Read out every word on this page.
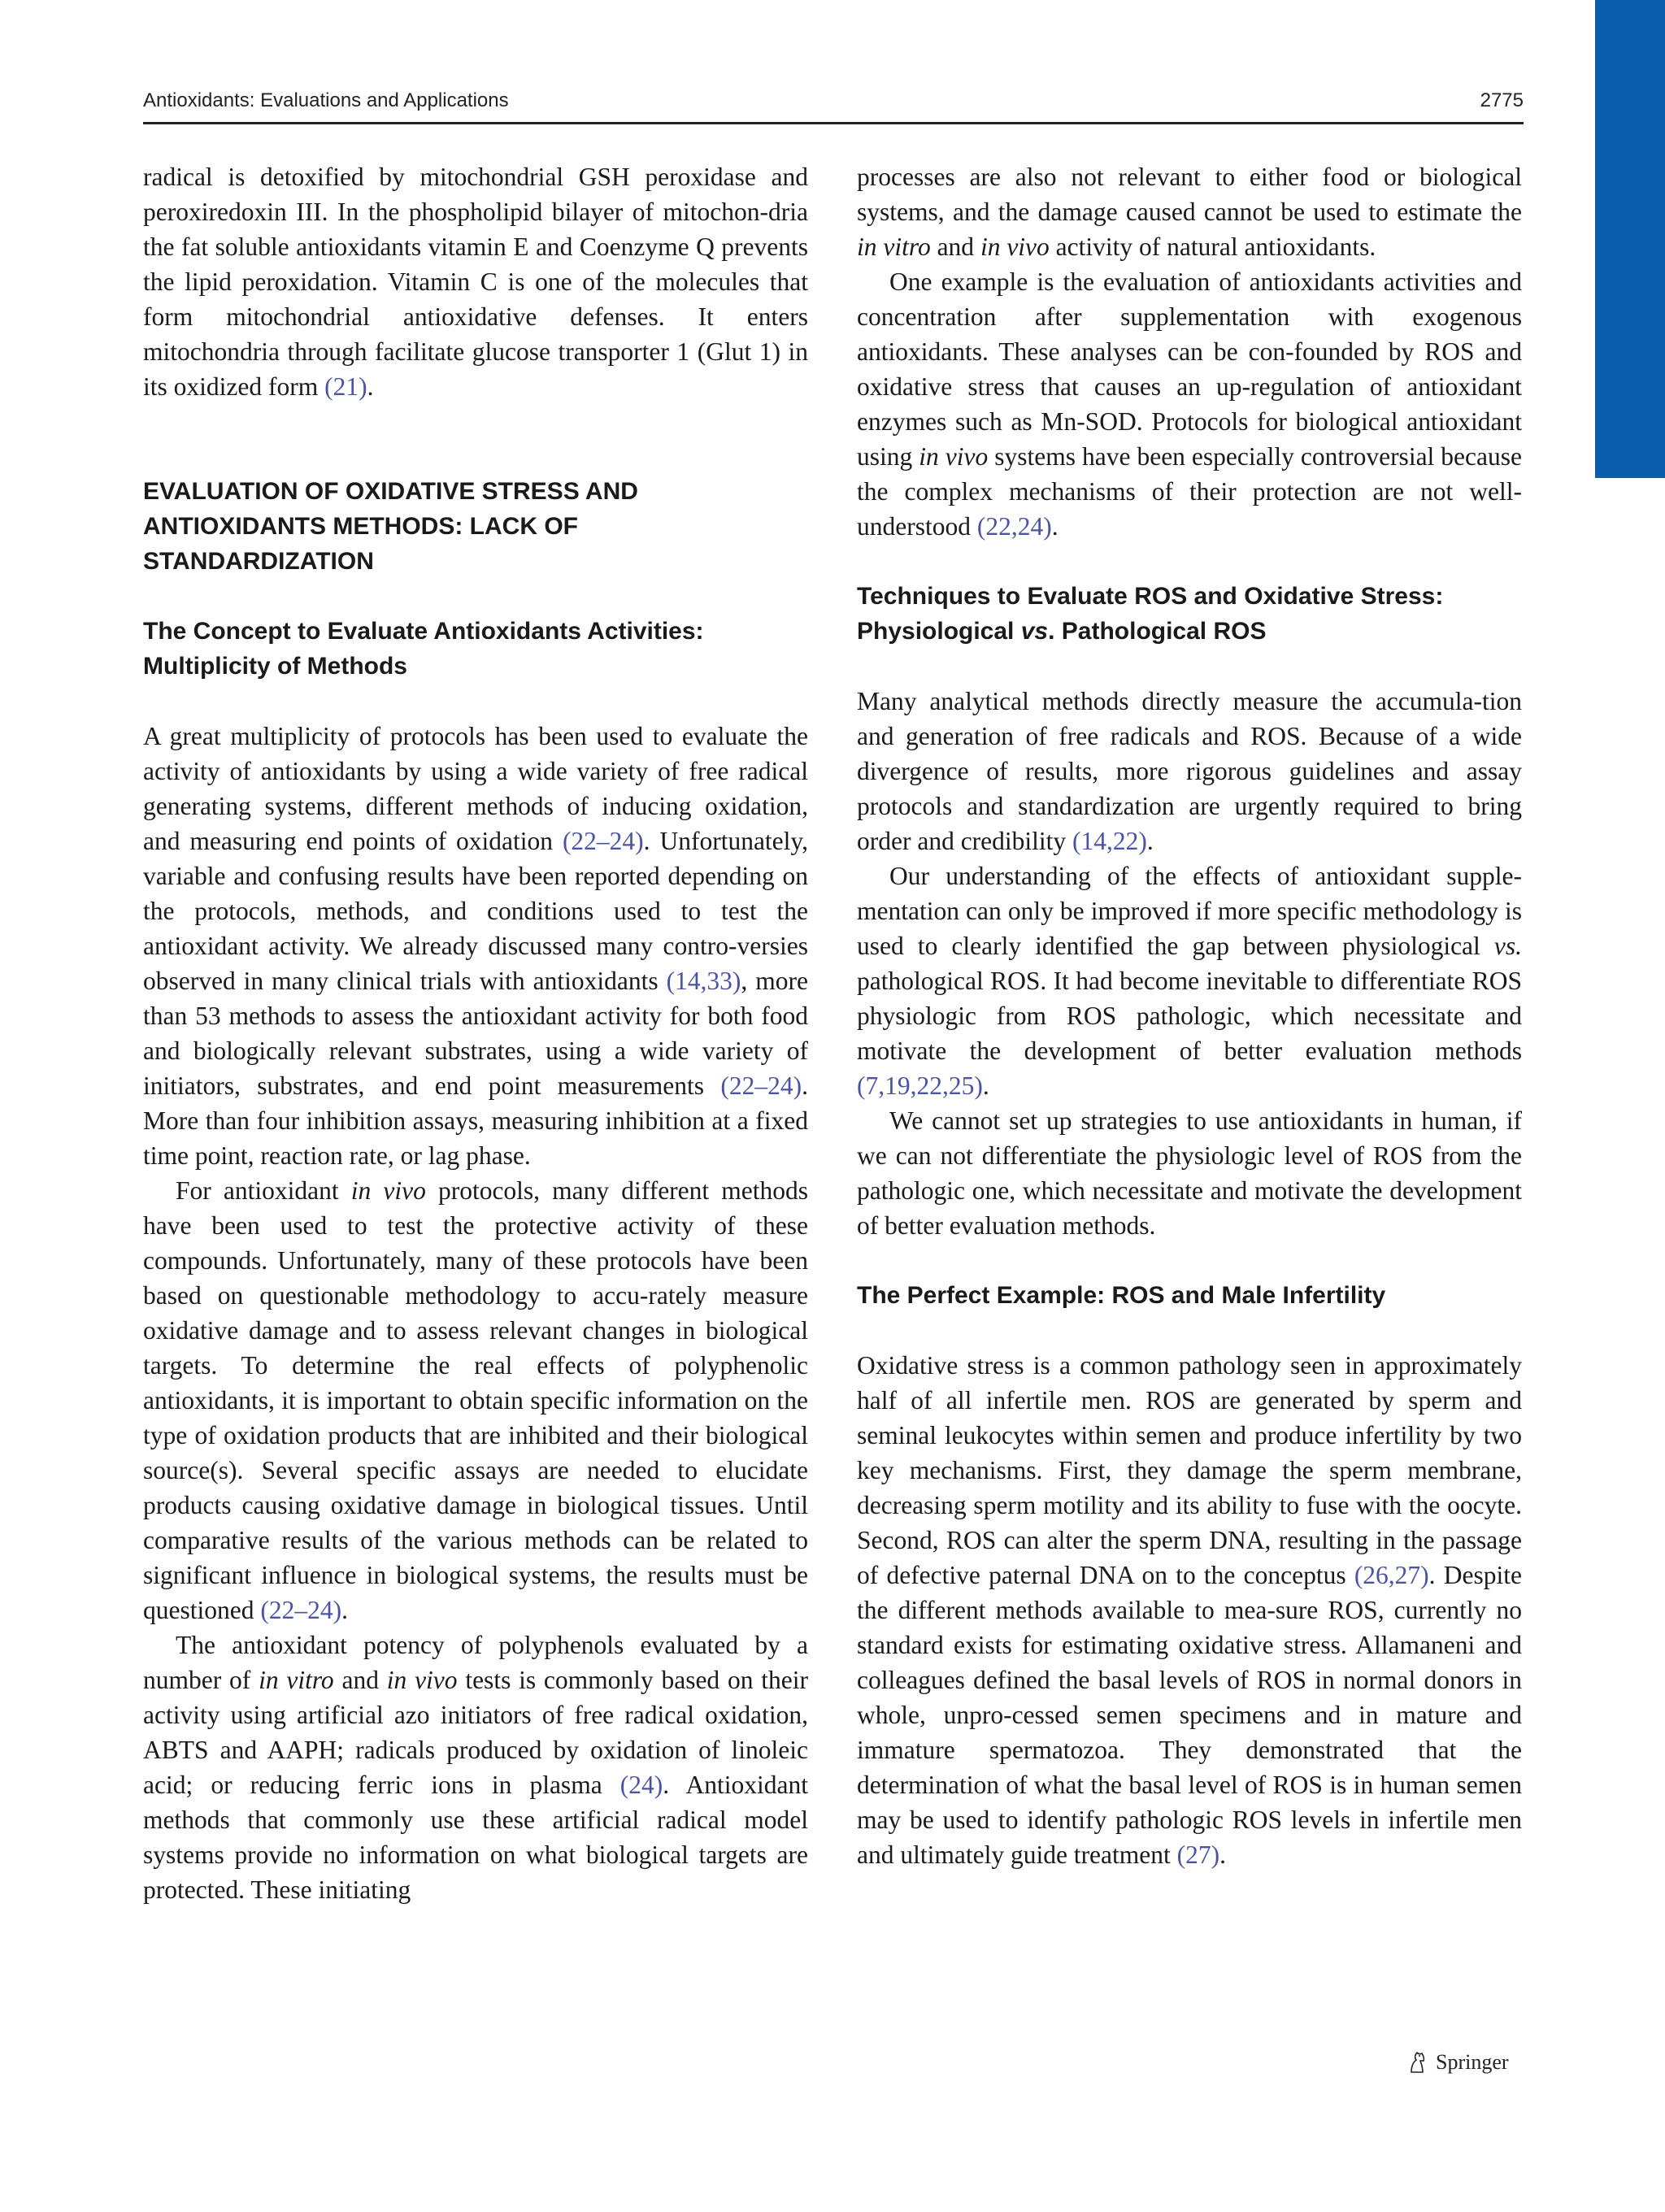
Antioxidants: Evaluations and Applications	2775

radical is detoxified by mitochondrial GSH peroxidase and peroxiredoxin III. In the phospholipid bilayer of mitochon-dria the fat soluble antioxidants vitamin E and Coenzyme Q prevents the lipid peroxidation. Vitamin C is one of the molecules that form mitochondrial antioxidative defenses. It enters mitochondria through facilitate glucose transporter 1 (Glut 1) in its oxidized form (21).

EVALUATION OF OXIDATIVE STRESS AND ANTIOXIDANTS METHODS: LACK OF STANDARDIZATION
The Concept to Evaluate Antioxidants Activities: Multiplicity of Methods

A great multiplicity of protocols has been used to evaluate the activity of antioxidants by using a wide variety of free radical generating systems, different methods of inducing oxidation, and measuring end points of oxidation (22–24). Unfortunately, variable and confusing results have been reported depending on the protocols, methods, and conditions used to test the antioxidant activity. We already discussed many contro-versies observed in many clinical trials with antioxidants (14,33), more than 53 methods to assess the antioxidant activity for both food and biologically relevant substrates, using a wide variety of initiators, substrates, and end point measurements (22–24). More than four inhibition assays, measuring inhibition at a fixed time point, reaction rate, or lag phase.

For antioxidant in vivo protocols, many different methods have been used to test the protective activity of these compounds. Unfortunately, many of these protocols have been based on questionable methodology to accu-rately measure oxidative damage and to assess relevant changes in biological targets. To determine the real effects of polyphenolic antioxidants, it is important to obtain specific information on the type of oxidation products that are inhibited and their biological source(s). Several specific assays are needed to elucidate products causing oxidative damage in biological tissues. Until comparative results of the various methods can be related to significant influence in biological systems, the results must be questioned (22–24).

The antioxidant potency of polyphenols evaluated by a number of in vitro and in vivo tests is commonly based on their activity using artificial azo initiators of free radical oxidation, ABTS and AAPH; radicals produced by oxidation of linoleic acid; or reducing ferric ions in plasma (24). Antioxidant methods that commonly use these artificial radical model systems provide no information on what biological targets are protected. These initiating

processes are also not relevant to either food or biological systems, and the damage caused cannot be used to estimate the in vitro and in vivo activity of natural antioxidants.

One example is the evaluation of antioxidants activities and concentration after supplementation with exogenous antioxidants. These analyses can be con-founded by ROS and oxidative stress that causes an up-regulation of antioxidant enzymes such as Mn-SOD. Protocols for biological antioxidant using in vivo systems have been especially controversial because the complex mechanisms of their protection are not well-understood (22,24).

Techniques to Evaluate ROS and Oxidative Stress: Physiological vs. Pathological ROS

Many analytical methods directly measure the accumula-tion and generation of free radicals and ROS. Because of a wide divergence of results, more rigorous guidelines and assay protocols and standardization are urgently required to bring order and credibility (14,22).

Our understanding of the effects of antioxidant supple-mentation can only be improved if more specific methodology is used to clearly identified the gap between physiological vs. pathological ROS. It had become inevitable to differentiate ROS physiologic from ROS pathologic, which necessitate and motivate the development of better evaluation methods (7,19,22,25).

We cannot set up strategies to use antioxidants in human, if we can not differentiate the physiologic level of ROS from the pathologic one, which necessitate and motivate the development of better evaluation methods.

The Perfect Example: ROS and Male Infertility

Oxidative stress is a common pathology seen in approximately half of all infertile men. ROS are generated by sperm and seminal leukocytes within semen and produce infertility by two key mechanisms. First, they damage the sperm membrane, decreasing sperm motility and its ability to fuse with the oocyte. Second, ROS can alter the sperm DNA, resulting in the passage of defective paternal DNA on to the conceptus (26,27). Despite the different methods available to mea-sure ROS, currently no standard exists for estimating oxidative stress. Allamaneni and colleagues defined the basal levels of ROS in normal donors in whole, unpro-cessed semen specimens and in mature and immature spermatozoa. They demonstrated that the determination of what the basal level of ROS is in human semen may be used to identify pathologic ROS levels in infertile men and ultimately guide treatment (27).

Springer
